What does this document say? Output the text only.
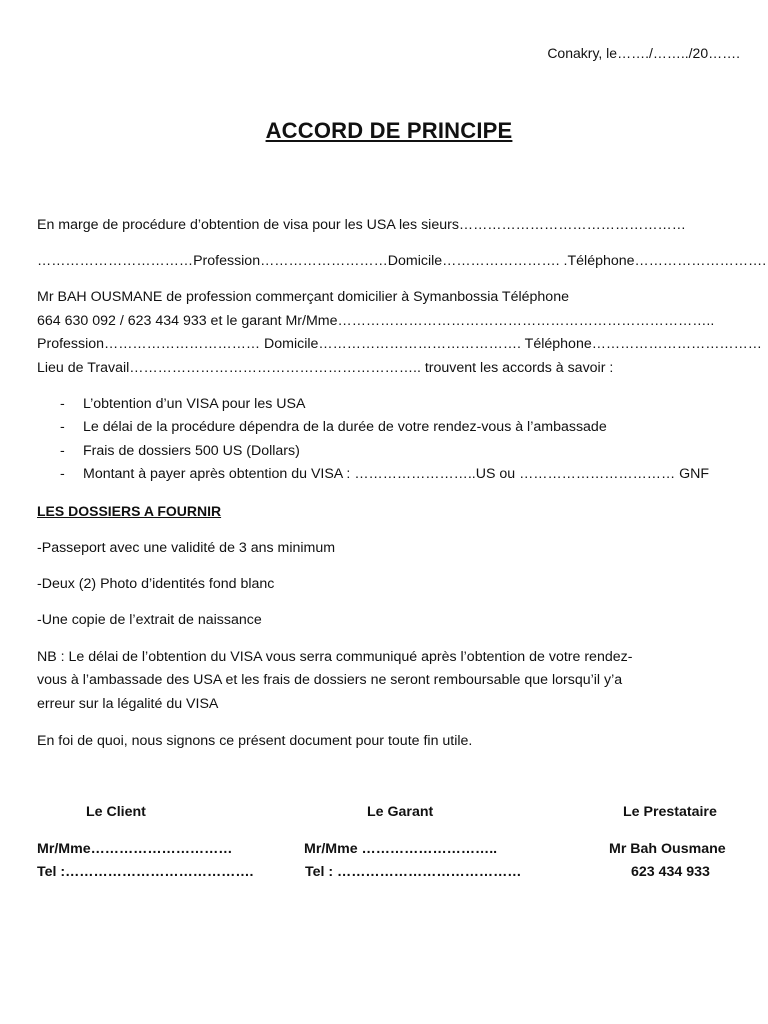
Conakry, le……./……../20…….
ACCORD DE PRINCIPE
En marge de procédure d’obtention de visa pour les USA les sieurs…………………………………………
……………………………Profession………………………Domicile……………………. .Téléphone……………………….
Mr BAH OUSMANE de profession commerçant domicilier à Symanbossia Téléphone
664 630 092 / 623 434 933 et le garant Mr/Mme……………………………………………………………………..
Profession…………………………… Domicile……………………………………. Téléphone………………………………
Lieu de Travail…………………………………………………….. trouvent les accords à savoir :
- L’obtention d’un VISA pour les USA
- Le délai de la procédure dépendra de la durée de votre rendez-vous à l’ambassade
- Frais de dossiers 500 US (Dollars)
- Montant à payer après obtention du VISA : ……………………..US ou …………………………… GNF
LES DOSSIERS A FOURNIR
-Passeport avec une validité de 3 ans minimum
-Deux (2) Photo d’identités fond blanc
-Une copie de l’extrait de naissance
NB : Le délai de l’obtention du VISA vous serra communiqué après l’obtention de votre rendez-
vous à l’ambassade des USA et les frais de dossiers ne seront remboursable que lorsqu’il y’a
erreur sur la légalité du VISA
En foi de quoi, nous signons ce présent document pour toute fin utile.
Le Client	Le Garant	Le Prestataire
Mr/Mme…………………………	Mr/Mme ………………………..	Mr Bah Ousmane
Tel :………………………………….	Tel : …………………………………	623 434 933
